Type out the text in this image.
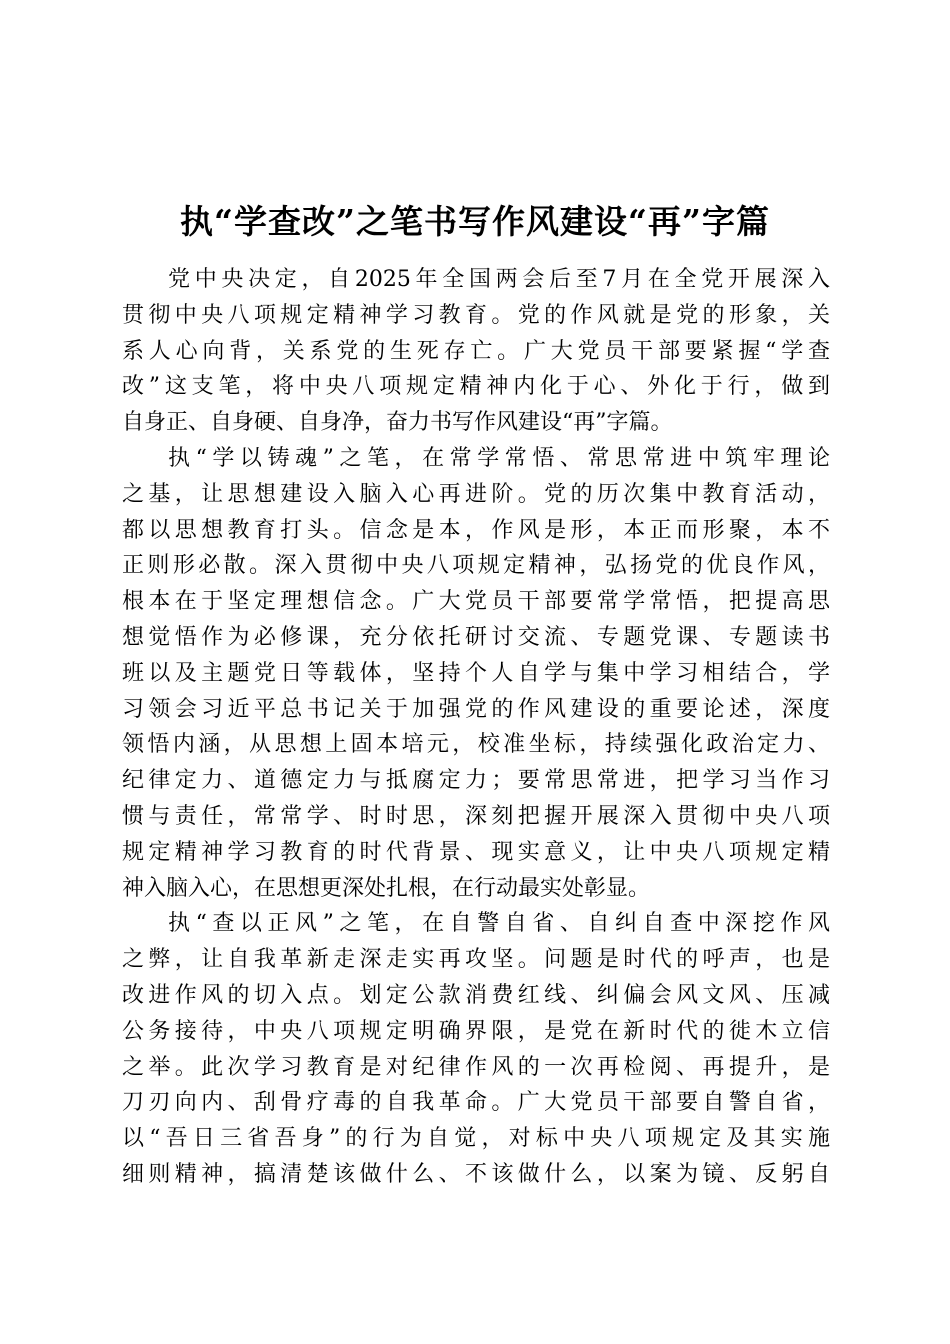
执“学查改”之笔书写作风建设“再”字篇
党中央决定，自2025年全国两会后至7月在全党开展深入
贯彻中央八项规定精神学习教育。党的作风就是党的形象，关
系人心向背，关系党的生死存亡。广大党员干部要紧握“学查
改”这支笔，将中央八项规定精神内化于心、外化于行，做到
自身正、自身硬、自身净，奋力书写作风建设“再”字篇。
执“学以铸魂”之笔，在常学常悟、常思常进中筑牢理论
之基，让思想建设入脑入心再进阶。党的历次集中教育活动，
都以思想教育打头。信念是本，作风是形，本正而形聚，本不
正则形必散。深入贯彻中央八项规定精神，弘扬党的优良作风，
根本在于坚定理想信念。广大党员干部要常学常悟，把提高思
想觉悟作为必修课，充分依托研讨交流、专题党课、专题读书
班以及主题党日等载体，坚持个人自学与集中学习相结合，学
习领会习近平总书记关于加强党的作风建设的重要论述，深度
领悟内涵，从思想上固本培元，校准坐标，持续强化政治定力、
纪律定力、道德定力与抵腐定力；要常思常进，把学习当作习
惯与责任，常常学、时时思，深刻把握开展深入贯彻中央八项
规定精神学习教育的时代背景、现实意义，让中央八项规定精
神入脑入心，在思想更深处扎根，在行动最实处彰显。
执“查以正风”之笔，在自警自省、自纠自查中深挖作风
之弊，让自我革新走深走实再攻坚。问题是时代的呼声，也是
改进作风的切入点。划定公款消费红线、纠偏会风文风、压减
公务接待，中央八项规定明确界限，是党在新时代的徙木立信
之举。此次学习教育是对纪律作风的一次再检阅、再提升，是
刀刃向内、刮骨疗毒的自我革命。广大党员干部要自警自省，
以“吾日三省吾身”的行为自觉，对标中央八项规定及其实施
细则精神，搞清楚该做什么、不该做什么，以案为镜、反躬自
